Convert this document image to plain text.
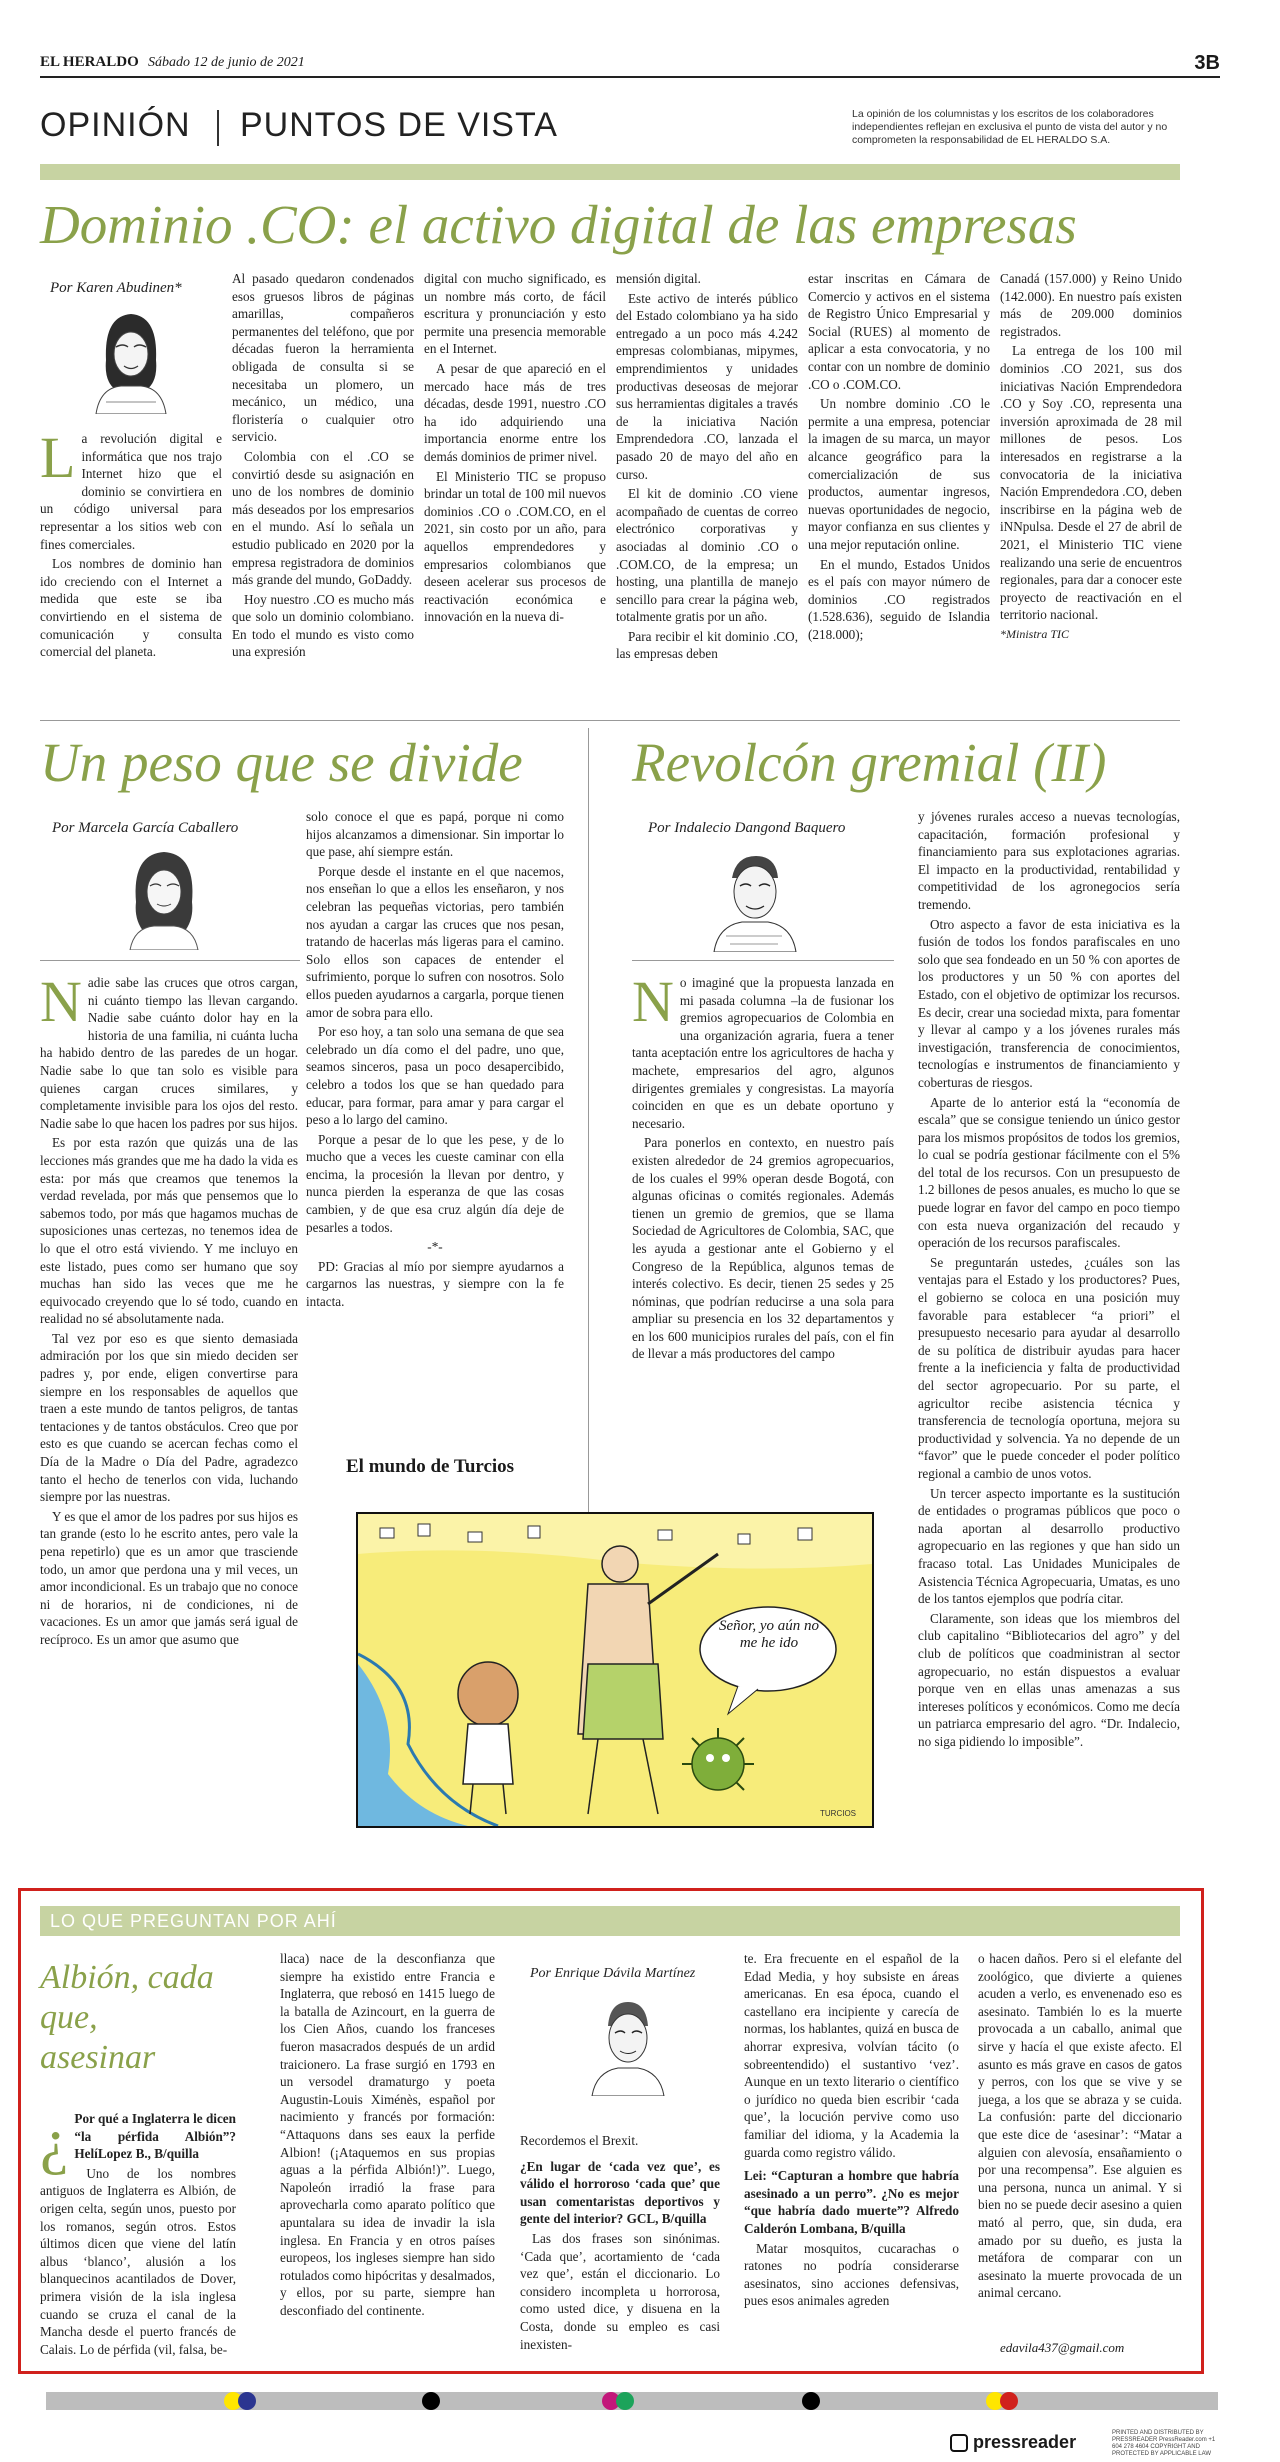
EL HERALDO Sábado 12 de junio de 2021	3B
OPINIÓN PUNTOS DE VISTA	La opinión de los columnistas y los escritos de los colaboradores independientes reflejan en exclusiva el punto de vista del autor y no comprometen la responsabilidad de EL HERALDO S.A.
Dominio .CO: el activo digital de las empresas
Por Karen Abudinen*
L a revolución digital e informática que nos trajo Internet hizo que el dominio se convirtiera en un código universal para representar a los sitios web con fines comerciales.

Los nombres de dominio han ido creciendo con el Internet a medida que este se iba convirtiendo en el sistema de comunicación y consulta comercial del planeta.

Al pasado quedaron condenados esos gruesos libros de páginas amarillas, compañeros permanentes del teléfono, que por décadas fueron la herramienta obligada de consulta si se necesitaba un plomero, un mecánico, un médico, una floristería o cualquier otro servicio.

Colombia con el .CO se convirtió desde su asignación en uno de los nombres de dominio más deseados por los empresarios en el mundo. Así lo señala un estudio publicado en 2020 por la empresa registradora de dominios más grande del mundo, GoDaddy.

Hoy nuestro .CO es mucho más que solo un dominio colombiano. En todo el mundo es visto como una expresión

digital con mucho significado, es un nombre más corto, de fácil escritura y pronunciación y esto permite una presencia memorable en el Internet.

A pesar de que apareció en el mercado hace más de tres décadas, desde 1991, nuestro .CO ha ido adquiriendo una importancia enorme entre los demás dominios de primer nivel.

El Ministerio TIC se propuso brindar un total de 100 mil nuevos dominios .CO o .COM.CO, en el 2021, sin costo por un año, para aquellos emprendedores y empresarios colombianos que deseen acelerar sus procesos de reactivación económica e innovación en la nueva di-

mensión digital.

Este activo de interés público del Estado colombiano ya ha sido entregado a un poco más 4.242 empresas colombianas, mipymes, emprendimientos y unidades productivas deseosas de mejorar sus herramientas digitales a través de la iniciativa Nación Emprendedora .CO, lanzada el pasado 20 de mayo del año en curso.

El kit de dominio .CO viene acompañado de cuentas de correo electrónico corporativas y asociadas al dominio .CO o .COM.CO, de la empresa; un hosting, una plantilla de manejo sencillo para crear la página web, totalmente gratis por un año.

Para recibir el kit dominio .CO, las empresas deben

estar inscritas en Cámara de Comercio y activos en el sistema de Registro Único Empresarial y Social (RUES) al momento de aplicar a esta convocatoria, y no contar con un nombre de dominio .CO o .COM.CO.

Un nombre dominio .CO le permite a una empresa, potenciar la imagen de su marca, un mayor alcance geográfico para la comercialización de sus productos, aumentar ingresos, nuevas oportunidades de negocio, mayor confianza en sus clientes y una mejor reputación online.

En el mundo, Estados Unidos es el país con mayor número de dominios .CO registrados (1.528.636), seguido de Islandia (218.000);

Canadá (157.000) y Reino Unido (142.000). En nuestro país existen más de 209.000 dominios registrados.

La entrega de los 100 mil dominios .CO 2021, sus dos iniciativas Nación Emprendedora .CO y Soy .CO, representa una inversión aproximada de 28 mil millones de pesos. Los interesados en registrarse a la convocatoria de la iniciativa Nación Emprendedora .CO, deben inscribirse en la página web de iNNpulsa. Desde el 27 de abril de 2021, el Ministerio TIC viene realizando una serie de encuentros regionales, para dar a conocer este proyecto de reactivación en el territorio nacional.

*Ministra TIC

Un peso que se divide
Por Marcela García Caballero
N adie sabe las cruces que otros cargan, ni cuánto tiempo las llevan cargando. Nadie sabe cuánto dolor hay en la historia de una familia, ni cuánta lucha ha habido dentro de las paredes de un hogar. Nadie sabe lo que tan solo es visible para quienes cargan cruces similares, y completamente invisible para los ojos del resto. Nadie sabe lo que hacen los padres por sus hijos.

Es por esta razón que quizás una de las lecciones más grandes que me ha dado la vida es esta: por más que creamos que tenemos la verdad revelada, por más que pensemos que lo sabemos todo, por más que hagamos muchas de suposiciones unas certezas, no tenemos idea de lo que el otro está viviendo. Y me incluyo en este listado, pues como ser humano que soy muchas han sido las veces que me he equivocado creyendo que lo sé todo, cuando en realidad no sé absolutamente nada.

Tal vez por eso es que siento demasiada admiración por los que sin miedo deciden ser padres y, por ende, eligen convertirse para siempre en los responsables de aquellos que traen a este mundo de tantos peligros, de tantas tentaciones y de tantos obstáculos. Creo que por esto es que cuando se acercan fechas como el Día de la Madre o Día del Padre, agradezco tanto el hecho de tenerlos con vida, luchando siempre por las nuestras.

Y es que el amor de los padres por sus hijos es tan grande (esto lo he escrito antes, pero vale la pena repetirlo) que es un amor que trasciende todo, un amor que perdona una y mil veces, un amor incondicional. Es un trabajo que no conoce ni de horarios, ni de condiciones, ni de vacaciones. Es un amor que jamás será igual de recíproco. Es un amor que asumo que

solo conoce el que es papá, porque ni como hijos alcanzamos a dimensionar. Sin importar lo que pase, ahí siempre están.

Porque desde el instante en el que nacemos, nos enseñan lo que a ellos les enseñaron, y nos celebran las pequeñas victorias, pero también nos ayudan a cargar las cruces que nos pesan, tratando de hacerlas más ligeras para el camino. Solo ellos son capaces de entender el sufrimiento, porque lo sufren con nosotros. Solo ellos pueden ayudarnos a cargarla, porque tienen amor de sobra para ello.

Por eso hoy, a tan solo una semana de que sea celebrado un día como el del padre, uno que, seamos sinceros, pasa un poco desapercibido, celebro a todos los que se han quedado para educar, para formar, para amar y para cargar el peso a lo largo del camino.

Porque a pesar de lo que les pese, y de lo mucho que a veces les cueste caminar con ella encima, la procesión la llevan por dentro, y nunca pierden la esperanza de que las cosas cambien, y de que esa cruz algún día deje de pesarles a todos.

-*-

PD: Gracias al mío por siempre ayudarnos a cargarnos las nuestras, y siempre con la fe intacta.

Revolcón gremial (II)
Por Indalecio Dangond Baquero
N o imaginé que la propuesta lanzada en mi pasada columna –la de fusionar los gremios agropecuarios de Colombia en una organización agraria, fuera a tener tanta aceptación entre los agricultores de hacha y machete, empresarios del agro, algunos dirigentes gremiales y congresistas. La mayoría coinciden en que es un debate oportuno y necesario.

Para ponerlos en contexto, en nuestro país existen alrededor de 24 gremios agropecuarios, de los cuales el 99% operan desde Bogotá, con algunas oficinas o comités regionales. Además tienen un gremio de gremios, que se llama Sociedad de Agricultores de Colombia, SAC, que les ayuda a gestionar ante el Gobierno y el Congreso de la República, algunos temas de interés colectivo. Es decir, tienen 25 sedes y 25 nóminas, que podrían reducirse a una sola para ampliar su presencia en los 32 departamentos y en los 600 municipios rurales del país, con el fin de llevar a más productores del campo

y jóvenes rurales acceso a nuevas tecnologías, capacitación, formación profesional y financiamiento para sus explotaciones agrarias. El impacto en la productividad, rentabilidad y competitividad de los agronegocios sería tremendo.

Otro aspecto a favor de esta iniciativa es la fusión de todos los fondos parafiscales en uno solo que sea fondeado en un 50 % con aportes de los productores y un 50 % con aportes del Estado, con el objetivo de optimizar los recursos. Es decir, crear una sociedad mixta, para fomentar y llevar al campo y a los jóvenes rurales más investigación, transferencia de conocimientos, tecnologías e instrumentos de financiamiento y coberturas de riesgos.

Aparte de lo anterior está la “economía de escala” que se consigue teniendo un único gestor para los mismos propósitos de todos los gremios, lo cual se podría gestionar fácilmente con el 5% del total de los recursos. Con un presupuesto de 1.2 billones de pesos anuales, es mucho lo que se puede lograr en favor del campo en poco tiempo con esta nueva organización del recaudo y operación de los recursos parafiscales.

Se preguntarán ustedes, ¿cuáles son las ventajas para el Estado y los productores? Pues, el gobierno se coloca en una posición muy favorable para establecer “a priori” el presupuesto necesario para ayudar al desarrollo de su política de distribuir ayudas para hacer frente a la ineficiencia y falta de productividad del sector agropecuario. Por su parte, el agricultor recibe asistencia técnica y transferencia de tecnología oportuna, mejora su productividad y solvencia. Ya no depende de un “favor” que le puede conceder el poder político regional a cambio de unos votos.

Un tercer aspecto importante es la sustitución de entidades o programas públicos que poco o nada aportan al desarrollo productivo agropecuario en las regiones y que han sido un fracaso total. Las Unidades Municipales de Asistencia Técnica Agropecuaria, Umatas, es uno de los tantos ejemplos que podría citar.

Claramente, son ideas que los miembros del club capitalino “Bibliotecarios del agro” y del club de políticos que coadministran al sector agropecuario, no están dispuestos a evaluar porque ven en ellas unas amenazas a sus intereses políticos y económicos. Como me decía un patriarca empresario del agro. “Dr. Indalecio, no siga pidiendo lo imposible”.

El mundo de Turcios
Señor, yo aún no me he ido
TURCIOS
LO QUE PREGUNTAN POR AHÍ
Albión, cada que, asesinar
¿ Por qué a Inglaterra le dicen “la pérfida Albión”? HelíLopez B., B/quilla

Uno de los nombres antiguos de Inglaterra es Albión, de origen celta, según unos, puesto por los romanos, según otros. Estos últimos dicen que viene del latín albus ‘blanco’, alusión a los blanquecinos acantilados de Dover, primera visión de la isla inglesa cuando se cruza el canal de la Mancha desde el puerto francés de Calais. Lo de pérfida (vil, falsa, be-

llaca) nace de la desconfianza que siempre ha existido entre Francia e Inglaterra, que rebosó en 1415 luego de la batalla de Azincourt, en la guerra de los Cien Años, cuando los franceses fueron masacrados después de un ardid traicionero. La frase surgió en 1793 en un versodel dramaturgo y poeta Augustin-Louis Ximénès, español por nacimiento y francés por formación: “Attaquons dans ses eaux la perfide Albion! (¡Ataquemos en sus propias aguas a la pérfida Albión!)”. Luego, Napoleón irradió la frase para aprovecharla como aparato político que apuntalara su idea de invadir la isla inglesa. En Francia y en otros países europeos, los ingleses siempre han sido rotulados como hipócritas y desalmados, y ellos, por su parte, siempre han desconfiado del continente.

Por Enrique Dávila Martínez

Recordemos el Brexit.

¿En lugar de ‘cada vez que’, es válido el horroroso ‘cada que’ que usan comentaristas deportivos y gente del interior? GCL, B/quilla

Las dos frases son sinónimas. ‘Cada que’, acortamiento de ‘cada vez que’, están el diccionario. Lo considero incompleta u horrorosa, como usted dice, y disuena en la Costa, donde su empleo es casi inexisten-

te. Era frecuente en el español de la Edad Media, y hoy subsiste en áreas americanas. En esa época, cuando el castellano era incipiente y carecía de normas, los hablantes, quizá en busca de ahorrar expresiva, volvían tácito (o sobreentendido) el sustantivo ‘vez’. Aunque en un texto literario o científico o jurídico no queda bien escribir ‘cada que’, la locución pervive como uso familiar del idioma, y la Academia la guarda como registro válido.

Lei: “Capturan a hombre que habría asesinado a un perro”. ¿No es mejor “que habría dado muerte”? Alfredo Calderón Lombana, B/quilla

Matar mosquitos, cucarachas o ratones no podría considerarse asesinatos, sino acciones defensivas, pues esos animales agreden

o hacen daños. Pero si el elefante del zoológico, que divierte a quienes acuden a verlo, es envenenado eso es asesinato. También lo es la muerte provocada a un caballo, animal que sirve y hacía el que existe afecto. El asunto es más grave en casos de gatos y perros, con los que se vive y se juega, a los que se abraza y se cuida. La confusión: parte del diccionario que este dice de ‘asesinar’: “Matar a alguien con alevosía, ensañamiento o por una recompensa”. Ese alguien es una persona, nunca un animal. Y si bien no se puede decir asesino a quien mató al perro, que, sin duda, era amado por su dueño, es justa la metáfora de comparar con un asesinato la muerte provocada de un animal cercano.

edavila437@gmail.com
pressreader	PRINTED AND DISTRIBUTED BY PRESSREADER PressReader.com +1 604 278 4604 COPYRIGHT AND PROTECTED BY APPLICABLE LAW
